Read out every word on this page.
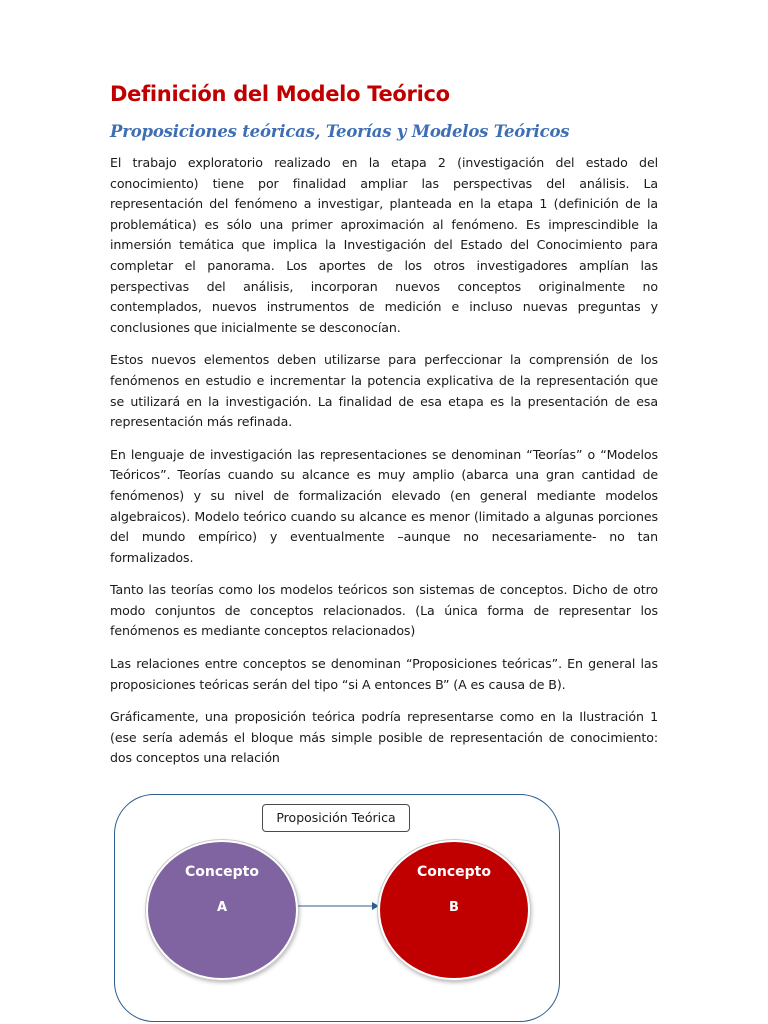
Definición del Modelo Teórico
Proposiciones teóricas, Teorías y Modelos Teóricos

El trabajo exploratorio realizado en la etapa 2 (investigación del estado del conocimiento) tiene por finalidad ampliar las perspectivas del análisis. La representación del fenómeno a investigar, planteada en la etapa 1 (definición de la problemática) es sólo una primer aproximación al fenómeno. Es imprescindible la inmersión temática que implica la Investigación del Estado del Conocimiento para completar el panorama. Los aportes de los otros investigadores amplían las perspectivas del análisis, incorporan nuevos conceptos originalmente no contemplados, nuevos instrumentos de medición e incluso nuevas preguntas y conclusiones que inicialmente se desconocían.

Estos nuevos elementos deben utilizarse para perfeccionar la comprensión de los fenómenos en estudio e incrementar la potencia explicativa de la representación que se utilizará en la investigación. La finalidad de esa etapa es la presentación de esa representación más refinada.

En lenguaje de investigación las representaciones se denominan “Teorías” o “Modelos Teóricos”. Teorías cuando su alcance es muy amplio (abarca una gran cantidad de fenómenos) y su nivel de formalización elevado (en general mediante modelos algebraicos). Modelo teórico cuando su alcance es menor (limitado a algunas porciones del mundo empírico) y eventualmente –aunque no necesariamente- no tan formalizados.

Tanto las teorías como los modelos teóricos son sistemas de conceptos. Dicho de otro modo conjuntos de conceptos relacionados. (La única forma de representar los fenómenos es mediante conceptos relacionados)

Las relaciones entre conceptos se denominan “Proposiciones teóricas”. En general las proposiciones teóricas serán del tipo “si A entonces B” (A es causa de B).

Gráficamente, una proposición teórica podría representarse como en la Ilustración 1 (ese sería además el bloque más simple posible de representación de conocimiento: dos conceptos una relación

Proposición Teórica
Concepto
A
Concepto
B
